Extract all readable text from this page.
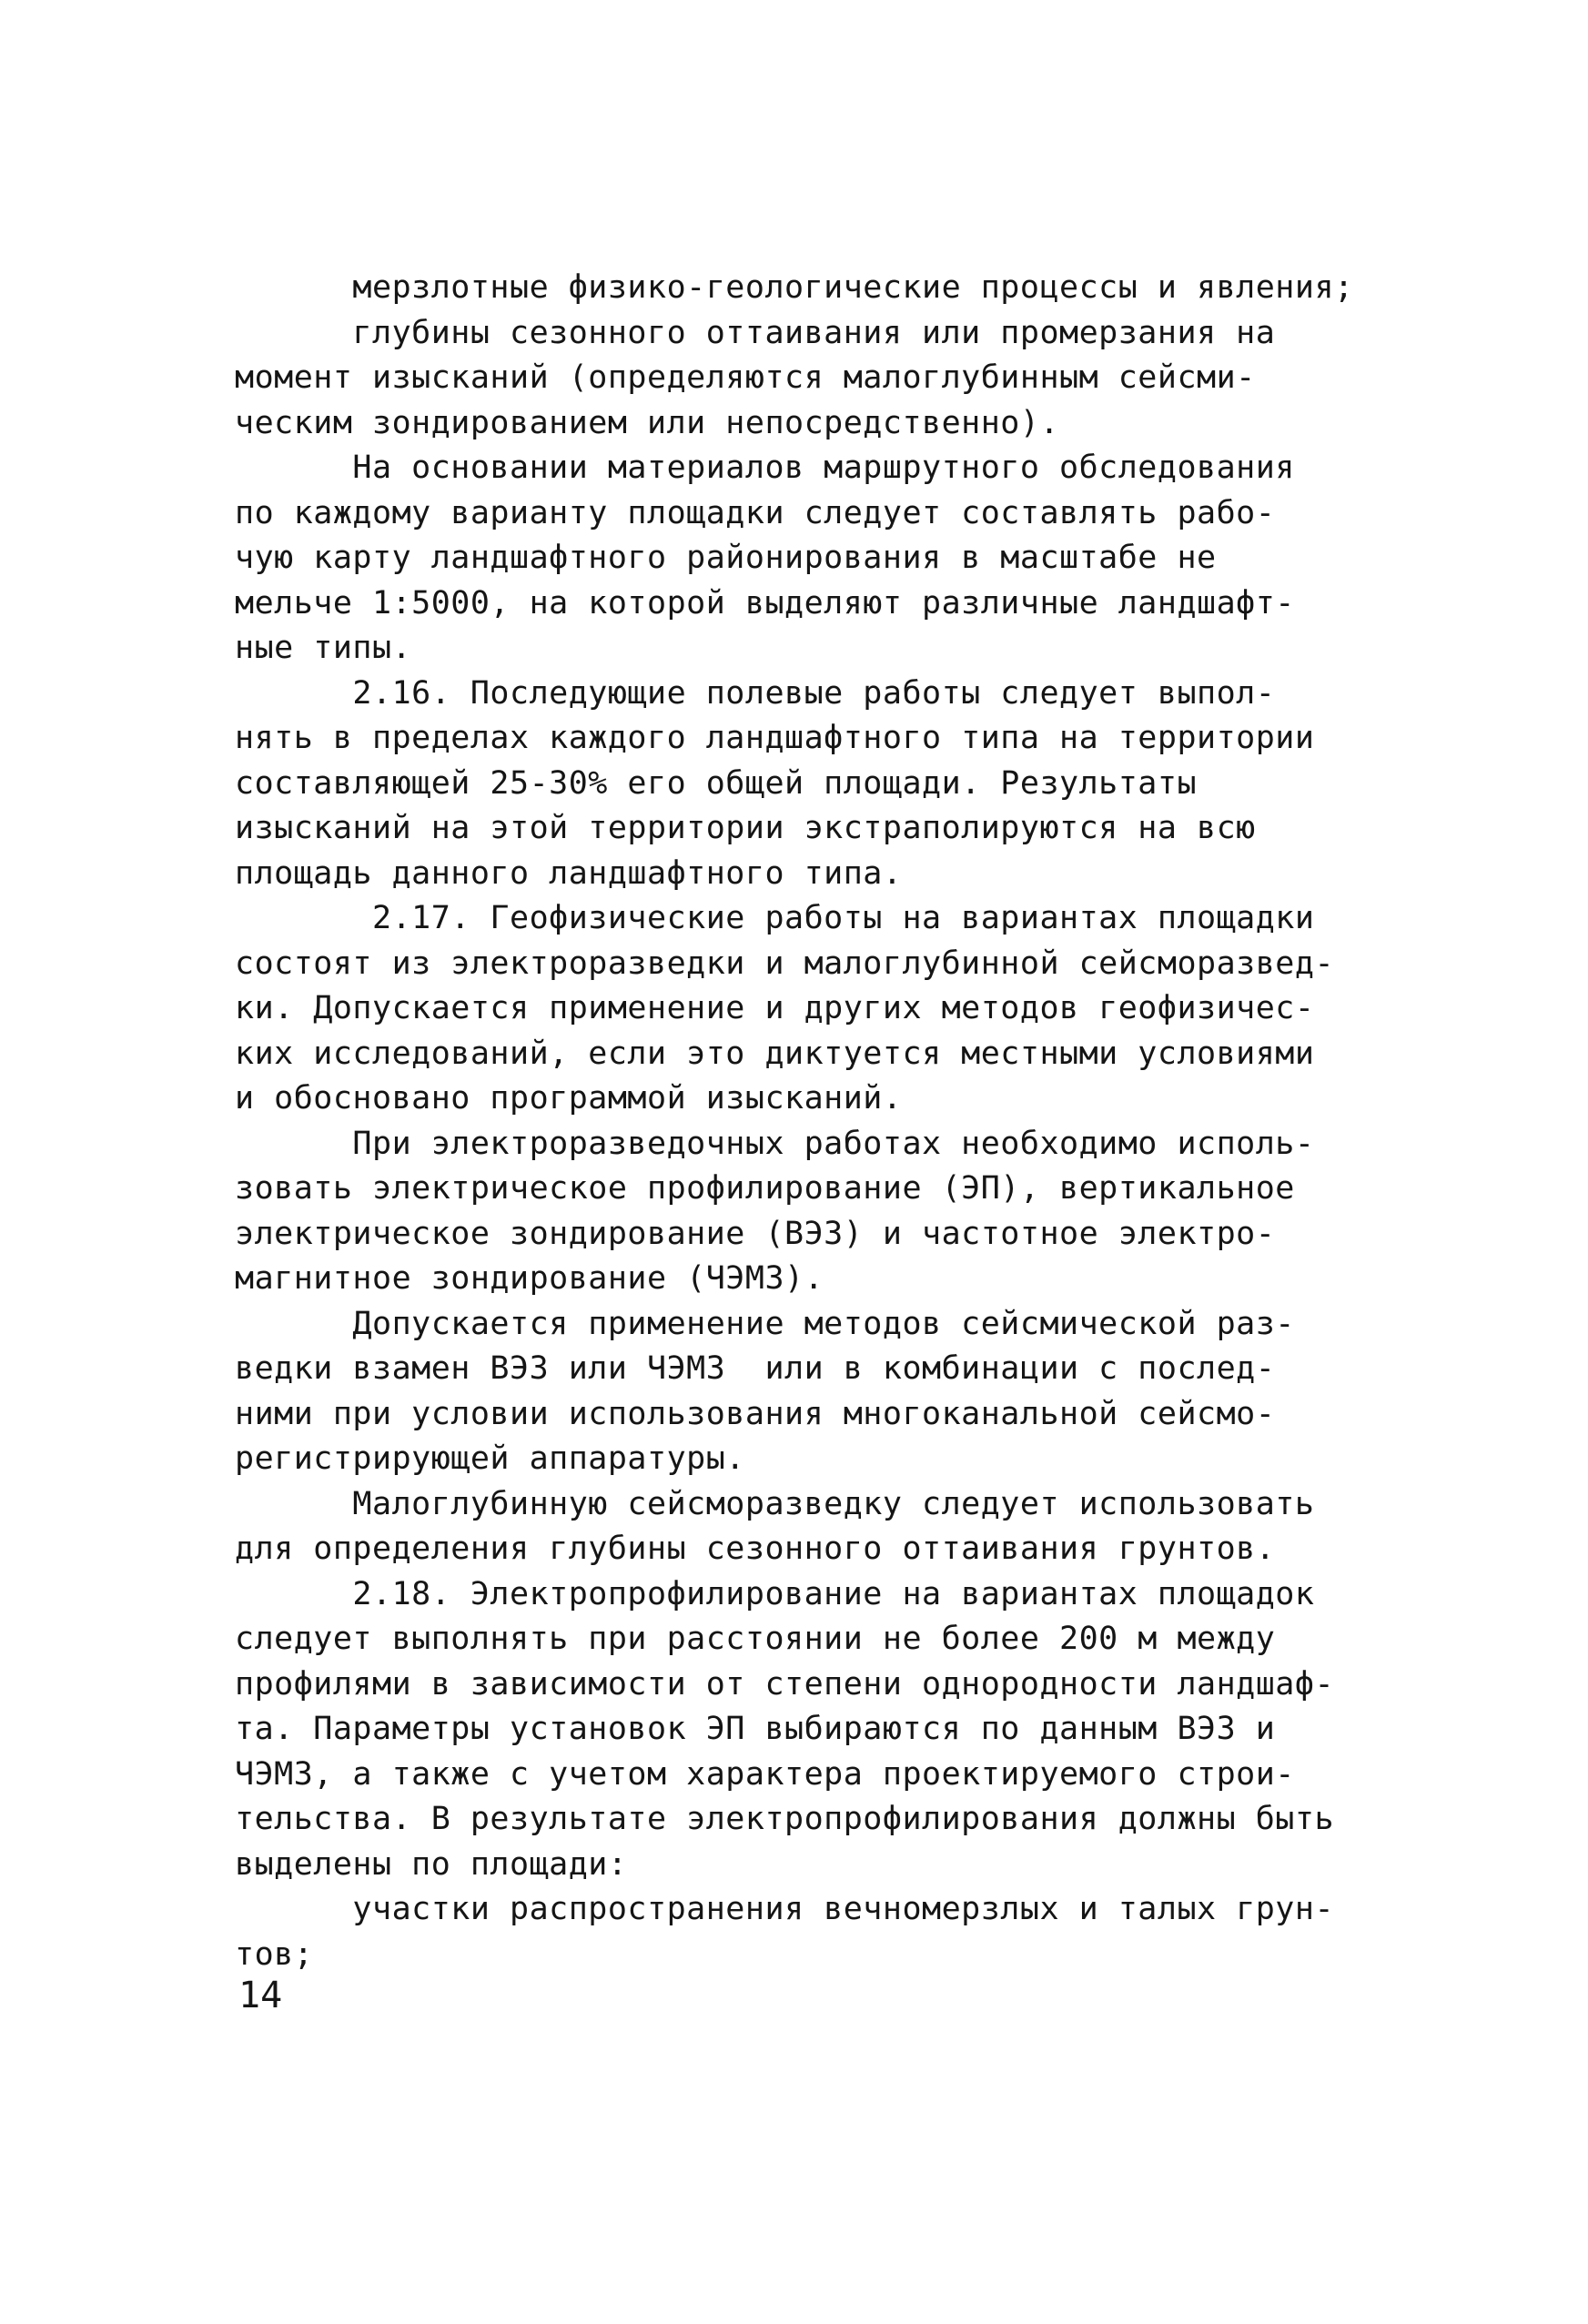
мерзлотные физико-геологические процессы и явления;
глубины сезонного оттаивания или промерзания на
момент изысканий (определяются малоглубинным сейсми-
ческим зондированием или непосредственно).
На основании материалов маршрутного обследования
по каждому варианту площадки следует составлять рабо-
чую карту ландшафтного районирования в масштабе не
мельче 1:5000, на которой выделяют различные ландшафт-
ные типы.
2.16. Последующие полевые работы следует выпол-
нять в пределах каждого ландшафтного типа на территории
составляющей 25-30% его общей площади. Результаты
изысканий на этой территории экстраполируются на всю
площадь данного ландшафтного типа.
2.17. Геофизические работы на вариантах площадки
состоят из электроразведки и малоглубинной сейсморазвед-
ки. Допускается применение и других методов геофизичес-
ких исследований, если это диктуется местными условиями
и обосновано программой изысканий.
При электроразведочных работах необходимо исполь-
зовать электрическое профилирование (ЭП), вертикальное
электрическое зондирование (ВЭЗ) и частотное электро-
магнитное зондирование (ЧЭМЗ).
Допускается применение методов сейсмической раз-
ведки взамен ВЭЗ или ЧЭМЗ  или в комбинации с послед-
ними при условии использования многоканальной сейсмо-
регистрирующей аппаратуры.
Малоглубинную сейсморазведку следует использовать
для определения глубины сезонного оттаивания грунтов.
2.18. Электропрофилирование на вариантах площадок
следует выполнять при расстоянии не более 200 м между
профилями в зависимости от степени однородности ландшаф-
та. Параметры установок ЭП выбираются по данным ВЭЗ и
ЧЭМЗ, а также с учетом характера проектируемого строи-
тельства. В результате электропрофилирования должны быть
выделены по площади:
участки распространения вечномерзлых и талых грун-
тов;
14
